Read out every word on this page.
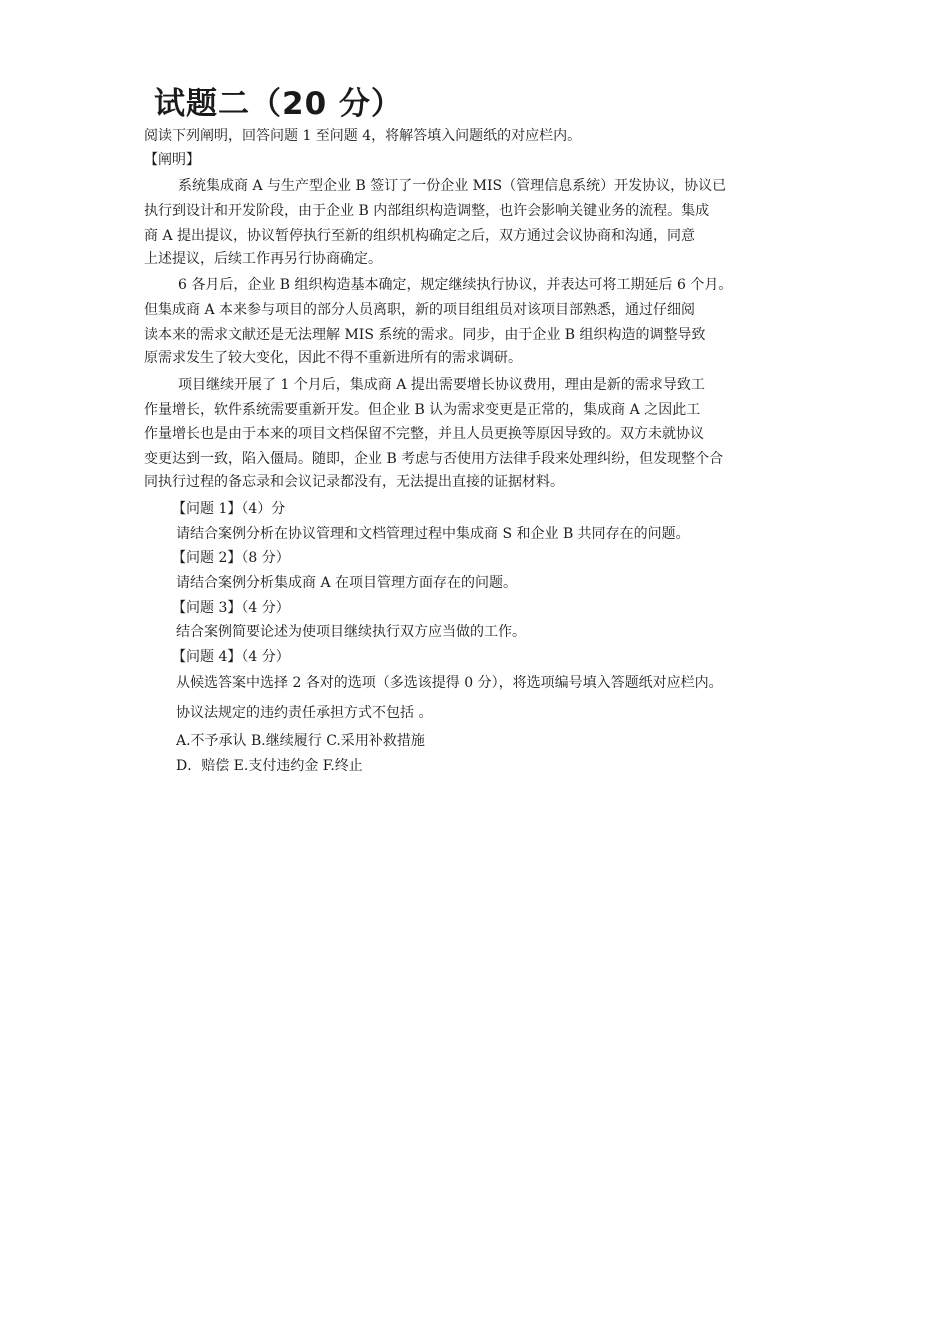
试题二（20 分）
阅读下列阐明，回答问题 1 至问题 4，将解答填入问题纸的对应栏内。
【阐明】
系统集成商 A 与生产型企业 B 签订了一份企业 MIS（管理信息系统）开发协议，协议已
执行到设计和开发阶段，由于企业 B 内部组织构造调整，也许会影响关键业务的流程。集成
商 A 提出提议，协议暂停执行至新的组织机构确定之后，双方通过会议协商和沟通，同意
上述提议，后续工作再另行协商确定。
6 各月后，企业 B 组织构造基本确定，规定继续执行协议，并表达可将工期延后 6 个月。
但集成商 A 本来参与项目的部分人员离职，新的项目组组员对该项目部熟悉，通过仔细阅
读本来的需求文献还是无法理解 MIS 系统的需求。同步，由于企业 B 组织构造的调整导致
原需求发生了较大变化，因此不得不重新进所有的需求调研。
项目继续开展了 1 个月后，集成商 A 提出需要增长协议费用，理由是新的需求导致工
作量增长，软件系统需要重新开发。但企业 B 认为需求变更是正常的，集成商 A 之因此工
作量增长也是由于本来的项目文档保留不完整，并且人员更换等原因导致的。双方未就协议
变更达到一致，陷入僵局。随即，企业 B 考虑与否使用方法律手段来处理纠纷，但发现整个合
同执行过程的备忘录和会议记录都没有，无法提出直接的证据材料。
【问题 1】（4）分
请结合案例分析在协议管理和文档管理过程中集成商 S 和企业 B 共同存在的问题。
【问题 2】（8 分）
请结合案例分析集成商 A 在项目管理方面存在的问题。
【问题 3】（4 分）
结合案例简要论述为使项目继续执行双方应当做的工作。
【问题 4】（4 分）
从候选答案中选择 2 各对的选项（多选该提得 0 分），将选项编号填入答题纸对应栏内。
协议法规定的违约责任承担方式不包括 。
A.不予承认 B.继续履行 C.采用补救措施
D．赔偿 E.支付违约金 F.终止
